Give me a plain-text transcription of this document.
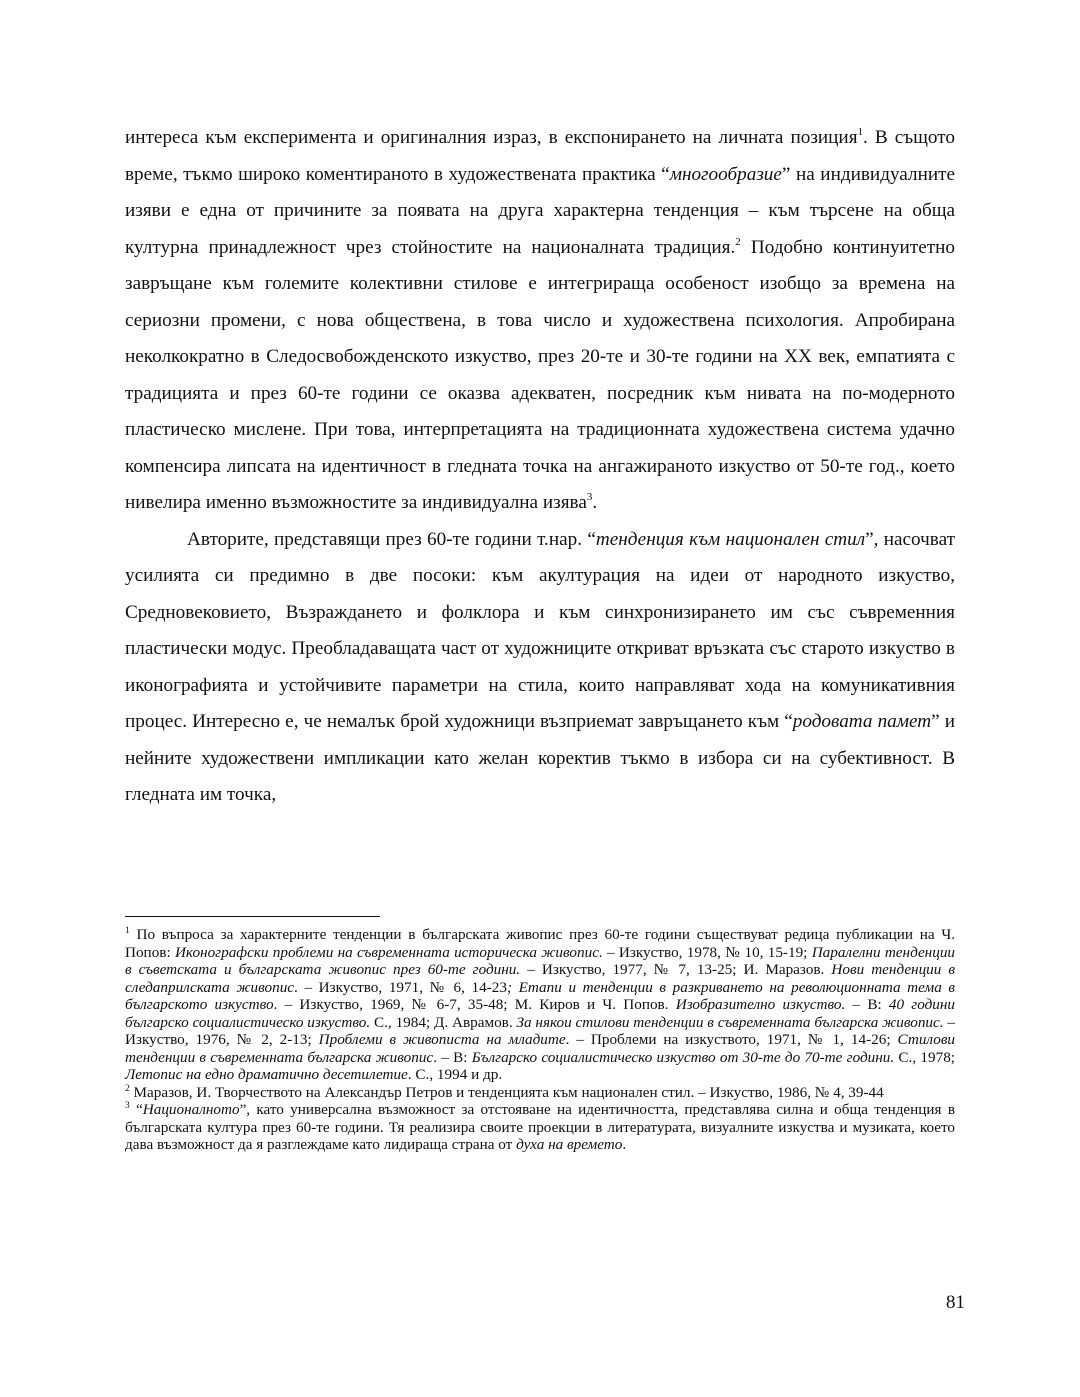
интереса към експеримента и оригиналния израз, в експонирането на личната позиция$^1$. В същото време, тъкмо широко коментираното в художествената практика “многообразие” на индивидуалните изяви е една от причините за появата на друга характерна тенденция – към търсене на обща културна принадлежност чрез стойностите на националната традиция.$^2$ Подобно континуитетно завръщане към големите колективни стилове е интегрираща особеност изобщо за времена на сериозни промени, с нова обществена, в това число и художествена психология. Апробирана неколкократно в Следосвобожденското изкуство, през 20-те и 30-те години на XX век, емпатията с традицията и през 60-те години се оказва адекватен, посредник към нивата на по-модерното пластическо мислене. При това, интерпретацията на традиционната художествена система удачно компенсира липсата на идентичност в гледната точка на ангажираното изкуство от 50-те год., което нивелира именно възможностите за индивидуална изява$^3$.

Авторите, представящи през 60-те години т.нар. “тенденция към национален стил”, насочват усилията си предимно в две посоки: към акултурация на идеи от народното изкуство, Средновековието, Възраждането и фолклора и към синхронизирането им със съвременния пластически модус. Преобладаващата част от художниците откриват връзката със старото изкуство в иконографията и устойчивите параметри на стила, които направляват хода на комуникативния процес. Интересно е, че немалък брой художници възприемат завръщането към “родовата памет” и нейните художествени импликации като желан коректив тъкмо в избора си на субективност. В гледната им точка,

$^1$ По въпроса за характерните тенденции в българската живопис през 60-те години съществуват редица публикации на Ч. Попов: Иконографски проблеми на съвременната историческа живопис. – Изкуство, 1978, № 10, 15-19; Паралелни тенденции в съветската и българската живопис през 60-те години. – Изкуство, 1977, № 7, 13-25; И. Маразов. Нови тенденции в следаприлската живопис. – Изкуство, 1971, № 6, 14-23; Етапи и тенденции в разкриването на революционната тема в българското изкуство. – Изкуство, 1969, № 6-7, 35-48; М. Киров и Ч. Попов. Изобразително изкуство. – В: 40 години българско социалистическо изкуство. С., 1984; Д. Аврамов. За някои стилови тенденции в съвременната българска живопис. – Изкуство, 1976, № 2, 2-13; Проблеми в живописта на младите. – Проблеми на изкуството, 1971, № 1, 14-26; Стилови тенденции в съвременната българска живопис. – В: Българско социалистическо изкуство от 30-те до 70-те години. С., 1978; Летопис на едно драматично десетилетие. С., 1994 и др.

$^2$ Маразов, И. Творчеството на Александър Петров и тенденцията към национален стил. – Изкуство, 1986, № 4, 39-44

$^3$ “Националното”, като универсална възможност за отстояване на идентичността, представлява силна и обща тенденция в българската култура през 60-те години. Тя реализира своите проекции в литературата, визуалните изкуства и музиката, което дава възможност да я разглеждаме като лидираща страна от духа на времето.

81
